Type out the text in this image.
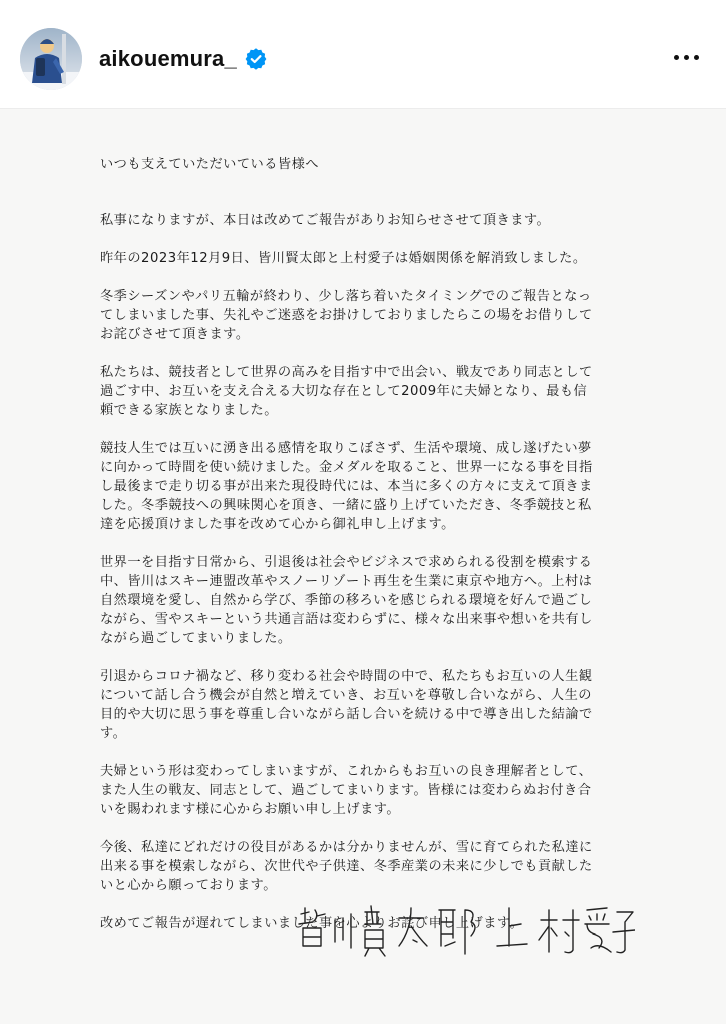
aikouemura_
いつも支えていただいている皆様へ
私事になりますが、本日は改めてご報告がありお知らせさせて頂きます。
昨年の2023年12月9日、皆川賢太郎と上村愛子は婚姻関係を解消致しました。
冬季シーズンやパリ五輪が終わり、少し落ち着いたタイミングでのご報告となっ
てしまいました事、失礼やご迷惑をお掛けしておりましたらこの場をお借りして
お詫びさせて頂きます。
私たちは、競技者として世界の高みを目指す中で出会い、戦友であり同志として
過ごす中、お互いを支え合える大切な存在として2009年に夫婦となり、最も信
頼できる家族となりました。
競技人生では互いに湧き出る感情を取りこぼさず、生活や環境、成し遂げたい夢
に向かって時間を使い続けました。金メダルを取ること、世界一になる事を目指
し最後まで走り切る事が出来た現役時代には、本当に多くの方々に支えて頂きま
した。冬季競技への興味関心を頂き、一緒に盛り上げていただき、冬季競技と私
達を応援頂けました事を改めて心から御礼申し上げます。
世界一を目指す日常から、引退後は社会やビジネスで求められる役割を模索する
中、皆川はスキー連盟改革やスノーリゾート再生を生業に東京や地方へ。上村は
自然環境を愛し、自然から学び、季節の移ろいを感じられる環境を好んで過ごし
ながら、雪やスキーという共通言語は変わらずに、様々な出来事や想いを共有し
ながら過ごしてまいりました。
引退からコロナ禍など、移り変わる社会や時間の中で、私たちもお互いの人生観
について話し合う機会が自然と増えていき、お互いを尊敬し合いながら、人生の
目的や大切に思う事を尊重し合いながら話し合いを続ける中で導き出した結論で
す。
夫婦という形は変わってしまいますが、これからもお互いの良き理解者として、
また人生の戦友、同志として、過ごしてまいります。皆様には変わらぬお付き合
いを賜われます様に心からお願い申し上げます。
今後、私達にどれだけの役目があるかは分かりませんが、雪に育てられた私達に
出来る事を模索しながら、次世代や子供達、冬季産業の未来に少しでも貢献した
いと心から願っております。
改めてご報告が遅れてしまいました事を心よりお詫び申し上げます。
